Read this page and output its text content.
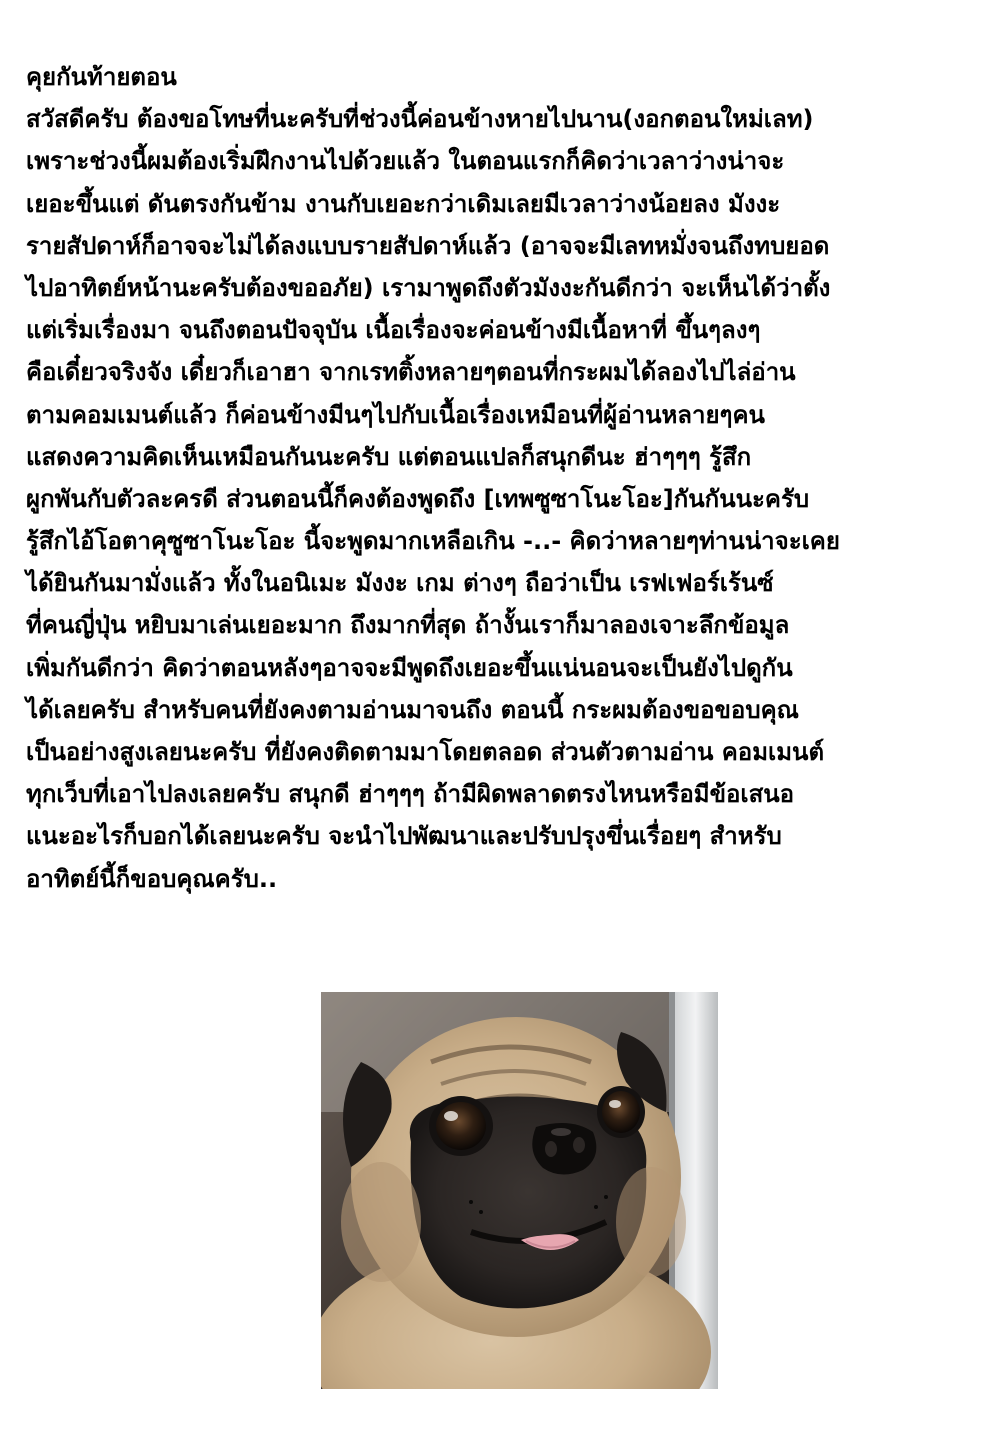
คุยกันท้ายตอน
สวัสดีครับ ต้องขอโทษที่นะครับที่ช่วงนี้ค่อนข้างหายไปนาน(งอกตอนใหม่เลท)
เพราะช่วงนี้ผมต้องเริ่มฝึกงานไปด้วยแล้ว ในตอนแรกก็คิดว่าเวลาว่างน่าจะ
เยอะขึ้นแต่ ดันตรงกันข้าม งานกับเยอะกว่าเดิมเลยมีเวลาว่างน้อยลง มังงะ
รายสัปดาห์ก็อาจจะไม่ได้ลงแบบรายสัปดาห์แล้ว (อาจจะมีเลทหมั่งจนถึงทบยอด
ไปอาทิตย์หน้านะครับต้องขออภัย) เรามาพูดถึงตัวมังงะกันดีกว่า จะเห็นได้ว่าตั้ง
แต่เริ่มเรื่องมา จนถึงตอนปัจจุบัน เนื้อเรื่องจะค่อนข้างมีเนื้อหาที่ ขึ้นๆลงๆ
คือเดี๋ยวจริงจัง เดี๋ยวก็เอาฮา จากเรทติ้งหลายๆตอนที่กระผมได้ลองไปไล่อ่าน
ตามคอมเมนต์แล้ว ก็ค่อนข้างมีนๆไปกับเนื้อเรื่องเหมือนที่ผู้อ่านหลายๆคน
แสดงความคิดเห็นเหมือนกันนะครับ แต่ตอนแปลก็สนุกดีนะ ฮ่าๆๆๆ รู้สึก
ผูกพันกับตัวละครดี ส่วนตอนนี้ก็คงต้องพูดถึง [เทพซูซาโนะโอะ]กันกันนะครับ
รู้สึกไอ้โอตาคุซูซาโนะโอะ นี้จะพูดมากเหลือเกิน -..- คิดว่าหลายๆท่านน่าจะเคย
ได้ยินกันมามั่งแล้ว ทั้งในอนิเมะ มังงะ เกม ต่างๆ ถือว่าเป็น เรฟเฟอร์เร้นซ์
ที่คนญี่ปุ่น หยิบมาเล่นเยอะมาก ถึงมากที่สุด ถ้างั้นเราก็มาลองเจาะลึกข้อมูล
เพิ่มกันดีกว่า คิดว่าตอนหลังๆอาจจะมีพูดถึงเยอะขึ้นแน่นอนจะเป็นยังไปดูกัน
ได้เลยครับ สำหรับคนที่ยังคงตามอ่านมาจนถึง ตอนนี้ กระผมต้องขอขอบคุณ
เป็นอย่างสูงเลยนะครับ ที่ยังคงติดตามมาโดยตลอด ส่วนตัวตามอ่าน คอมเมนต์
ทุกเว็บที่เอาไปลงเลยครับ สนุกดี ฮ่าๆๆๆ ถ้ามีผิดพลาดตรงไหนหรือมีข้อเสนอ
แนะอะไรก็บอกได้เลยนะครับ จะนำไปพัฒนาและปรับปรุงขึ่นเรื่อยๆ สำหรับ
อาทิตย์นี้ก็ขอบคุณครับ..
